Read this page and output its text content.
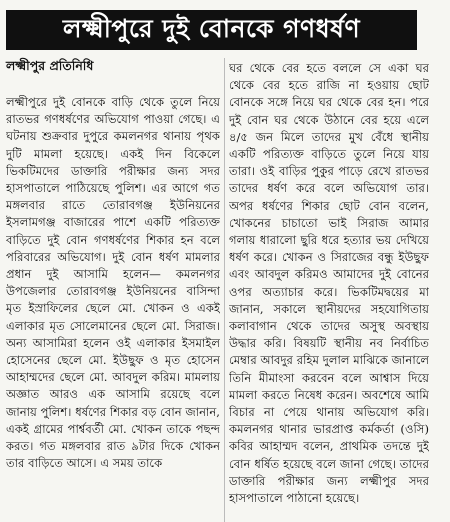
লক্ষ্মীপুরে দুই বোনকে গণধর্ষণ
লক্ষ্মীপুর প্রতিনিধি

লক্ষ্মীপুরে দুই বোনকে বাড়ি থেকে তুলে নিয়ে রাতভর গণধর্ষণের অভিযোগ পাওয়া গেছে। এ ঘটনায় শুক্রবার দুপুরে কমলনগর থানায় পৃথক দুটি মামলা হয়েছে। একই দিন বিকেলে ভিকটিমদের ডাক্তারি পরীক্ষার জন্য সদর হাসপাতালে পাঠিয়েছে পুলিশ। এর আগে গত মঙ্গলবার রাতে তোরাবগঞ্জ ইউনিয়নের ইসলামগঞ্জ বাজারের পাশে একটি পরিত্যক্ত বাড়িতে দুই বোন গণধর্ষণের শিকার হন বলে পরিবারের অভিযোগ। দুই বোন ধর্ষণ মামলার প্রধান দুই আসামি হলেন— কমলনগর উপজেলার তোরাবগঞ্জ ইউনিয়নের বাসিন্দা মৃত ইস্রাফিলের ছেলে মো. খোকন ও একই এলাকার মৃত সোলেমানের ছেলে মো. সিরাজ। অন্য আসামিরা হলেন ওই এলাকার ইসমাইল হোসেনের ছেলে মো. ইউছুফ ও মৃত হোসেন আহাম্মদের ছেলে মো. আবদুল করিম। মামলায় অজ্ঞাত আরও এক আসামি রয়েছে বলে জানায় পুলিশ। ধর্ষণের শিকার বড় বোন জানান, একই গ্রামের পার্শ্ববর্তী মো. খোকন তাকে পছন্দ করত। গত মঙ্গলবার রাত ৯টার দিকে খোকন তার বাড়িতে আসে। এ সময় তাকে

ঘর থেকে বের হতে বললে সে একা ঘর থেকে বের হতে রাজি না হওয়ায় ছোট বোনকে সঙ্গে নিয়ে ঘর থেকে বের হন। পরে দুই বোন ঘর থেকে উঠানে বের হয়ে এলে ৪/৫ জন মিলে তাদের মুখ বেঁধে স্থানীয় একটি পরিত্যক্ত বাড়িতে তুলে নিয়ে যায় তারা। ওই বাড়ির পুকুর পাড়ে রেখে রাতভর তাদের ধর্ষণ করে বলে অভিযোগ তার। অপর ধর্ষণের শিকার ছোট বোন বলেন, খোকনের চাচাতো ভাই সিরাজ আমার গলায় ধারালো ছুরি ধরে হত্যার ভয় দেখিয়ে ধর্ষণ করে। খোকন ও সিরাজের বন্ধু ইউছুফ এবং আবদুল করিমও আমাদের দুই বোনের ওপর অত্যাচার করে। ভিকটিমদ্বয়ের মা জানান, সকালে স্থানীয়দের সহযোগিতায় কলাবাগান থেকে তাদের অসুস্থ অবস্থায় উদ্ধার করি। বিষয়টি স্থানীয় নব নির্বাচিত মেম্বার আবদুর রহিম দুলাল মাঝিকে জানালে তিনি মীমাংসা করবেন বলে আশ্বাস দিয়ে মামলা করতে নিষেধ করেন। অবশেষে আমি বিচার না পেয়ে থানায় অভিযোগ করি। কমলনগর থানার ভারপ্রাপ্ত কর্মকর্তা (ওসি) কবির আহাম্মদ বলেন, প্রাথমিক তদন্তে দুই বোন ধর্ষিত হয়েছে বলে জানা গেছে। তাদের ডাক্তারি পরীক্ষার জন্য লক্ষ্মীপুর সদর হাসপাতালে পাঠানো হয়েছে।
